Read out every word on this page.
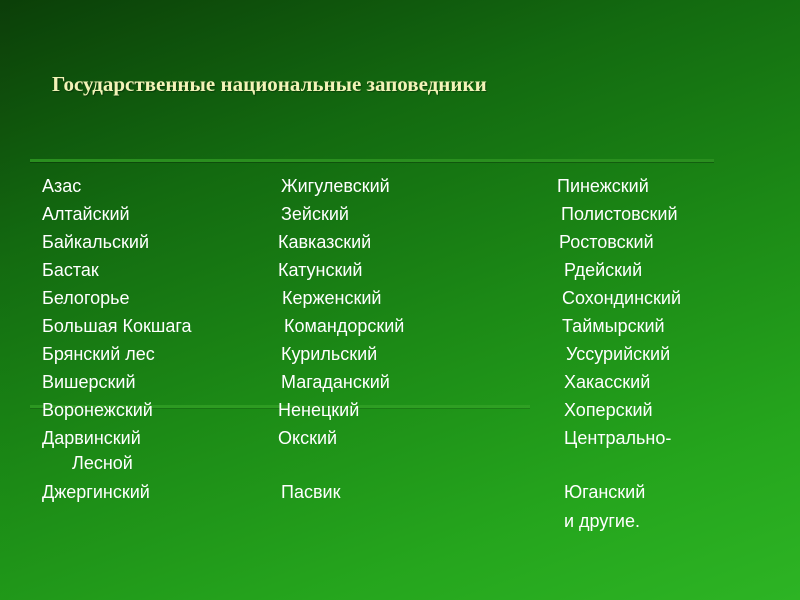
Государственные национальные заповедники
Азас
Алтайский
Байкальский
Бастак
Белогорье
Большая Кокшага
Брянский лес
Вишерский
Воронежский
Дарвинский
Лесной
Джергинский
Жигулевский
Зейский
Кавказский
Катунский
Керженский
Командорский
Курильский
Магаданский
Ненецкий
Окский
Пасвик
Пинежский
Полистовский
Ростовский
Рдейский
Сохондинский
Таймырский
Уссурийский
Хакасский
Хоперский
Центрально-
Юганский
и другие.
